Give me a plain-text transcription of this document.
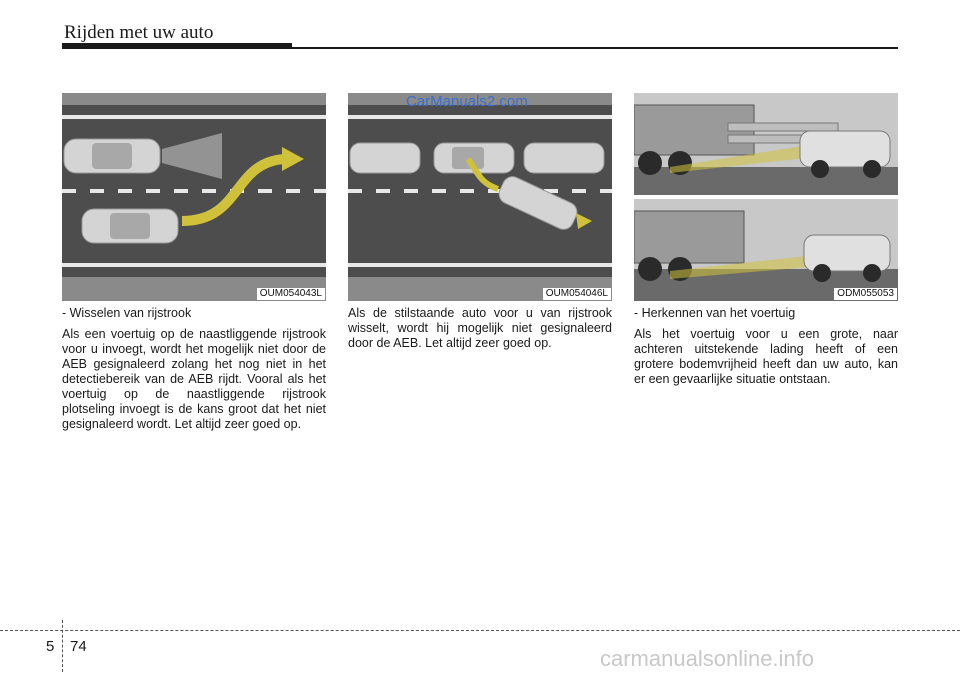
Rijden met uw auto
OUM054043L
CarManuals2.com
OUM054046L	ODM055053

- Wisselen van rijstrook

Als een voertuig op de naastliggende rijstrook voor u invoegt, wordt het mogelijk niet door de AEB gesignaleerd zolang het nog niet in het detectiebereik van de AEB rijdt. Vooral als het voertuig op de naastliggende rijstrook plotseling invoegt is de kans groot dat het niet gesignaleerd wordt. Let altijd zeer goed op.

Als de stilstaande auto voor u van rijstrook wisselt, wordt hij mogelijk niet gesignaleerd door de AEB. Let altijd zeer goed op.

- Herkennen van het voertuig

Als het voertuig voor u een grote, naar achteren uitstekende lading heeft of een grotere bodemvrijheid heeft dan uw auto, kan er een gevaarlijke situatie ontstaan.

5 74	carmanualsonline.info
